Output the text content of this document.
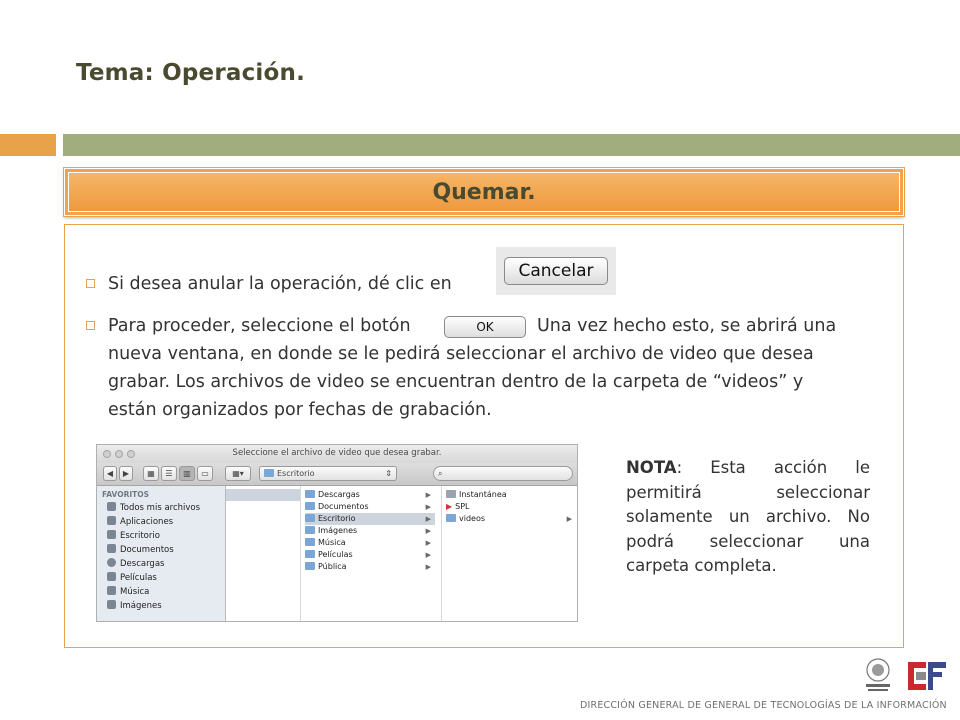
Tema: Operación.
Quemar.
Si desea anular la operación, dé clic en
Cancelar
Para proceder, seleccione el botón	OK	Una vez hecho esto, se abrirá una
nueva ventana, en donde se le pedirá seleccionar el archivo de video que desea
grabar. Los archivos de video se encuentran dentro de la carpeta de “videos” y
están organizados por fechas de grabación.
Seleccione el archivo de video que desea grabar.
◀	▶	▦	☰	▥	▭	▦▾	Escritorio	⇕	⌕
FAVORITOS
Todos mis archivos
Aplicaciones
Escritorio
Documentos
Descargas
Películas
Música
Imágenes
Descargas	▶
Documentos	▶
Escritorio	▶
Imágenes	▶
Música	▶
Películas	▶
Pública	▶
Instantánea
▶ SPL
videos	▶
NOTA: Esta acción le permitirá seleccionar solamente un archivo. No podrá seleccionar una carpeta completa.
DIRECCIÓN GENERAL DE GENERAL DE TECNOLOGÍAS DE LA INFORMACIÓN
